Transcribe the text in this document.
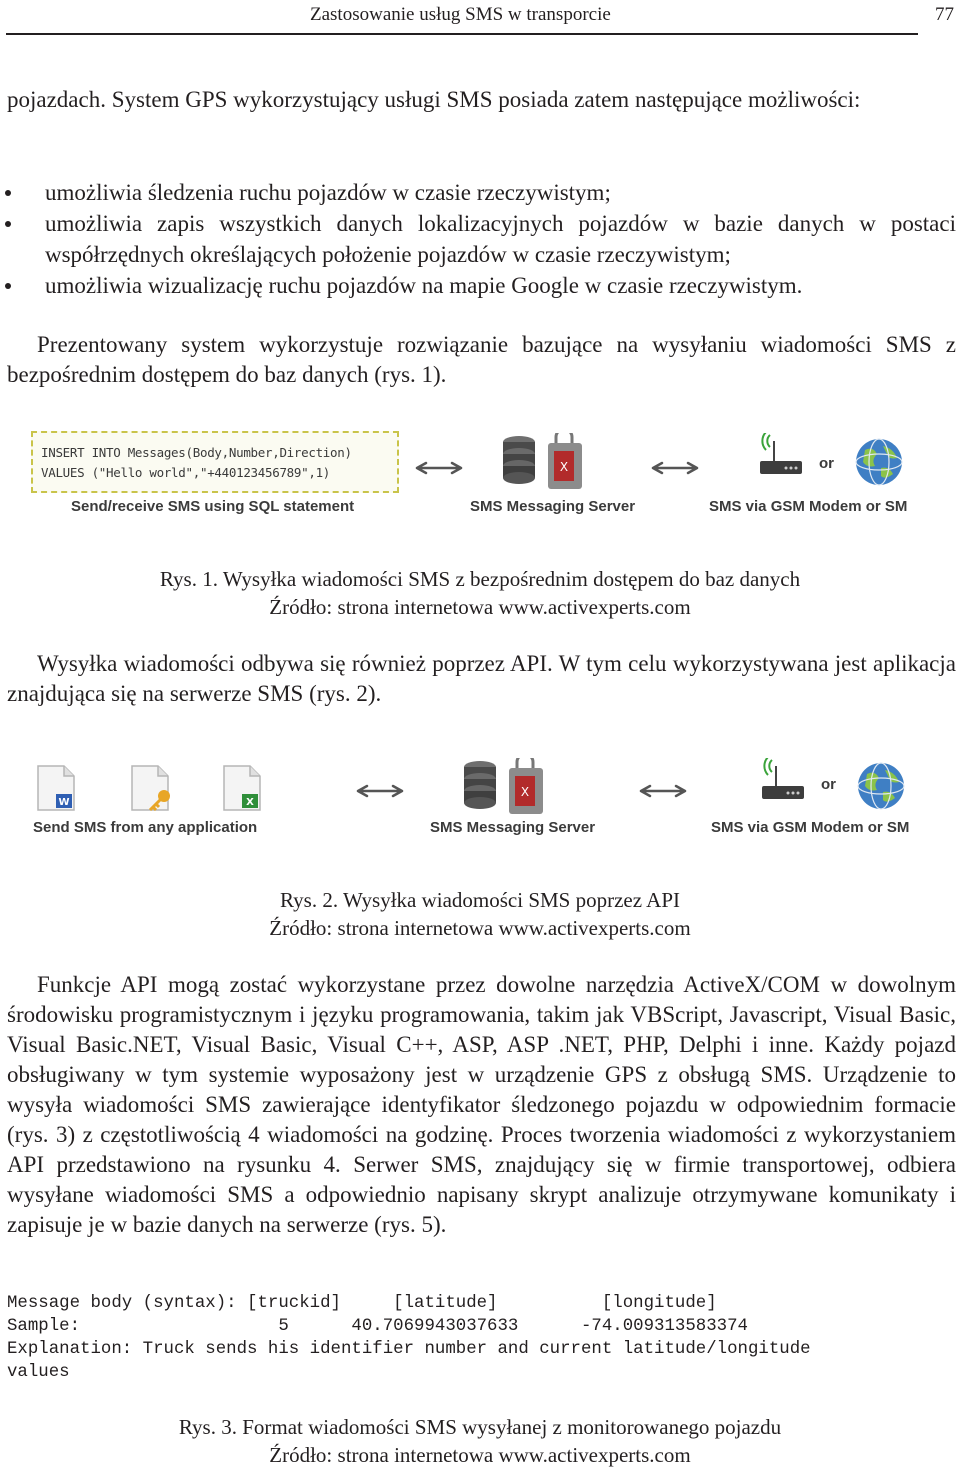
Zastosowanie usług SMS w transporcie	77

pojazdach. System GPS wykorzystujący usługi SMS posiada zatem następujące możliwości:

umożliwia śledzenia ruchu pojazdów w czasie rzeczywistym;
umożliwia zapis wszystkich danych lokalizacyjnych pojazdów w bazie danych w postaci współrzędnych określających położenie pojazdów w czasie rzeczywistym;
umożliwia wizualizację ruchu pojazdów na mapie Google w czasie rzeczywistym.

Prezentowany system wykorzystuje rozwiązanie bazujące na wysyłaniu wiadomości SMS z bezpośrednim dostępem do baz danych (rys. 1).

INSERT INTO Messages(Body,Number,Direction)
VALUES ("Hello world","+440123456789",1)
Send/receive SMS using SQL statement
X
SMS Messaging Server
or
SMS via GSM Modem or SM
Rys. 1. Wysyłka wiadomości SMS z bezpośrednim dostępem do baz danych
Źródło: strona internetowa www.activexperts.com

Wysyłka wiadomości odbywa się również poprzez API. W tym celu wykorzystywana jest aplikacja znajdująca się na serwerze SMS (rys. 2).

W	X
Send SMS from any application
X
SMS Messaging Server
or
SMS via GSM Modem or SM
Rys. 2. Wysyłka wiadomości SMS poprzez API
Źródło: strona internetowa www.activexperts.com

Funkcje API mogą zostać wykorzystane przez dowolne narzędzia ActiveX/COM w dowolnym środowisku programistycznym i języku programowania, takim jak VBScript, Javascript, Visual Basic, Visual Basic.NET, Visual Basic, Visual C++, ASP, ASP .NET, PHP, Delphi i inne. Każdy pojazd obsługiwany w tym systemie wyposażony jest w urządzenie GPS z obsługą SMS. Urządzenie to wysyła wiadomości SMS zawierające identyfikator śledzonego pojazdu w odpowiednim formacie (rys. 3) z częstotliwością 4 wiadomości na godzinę. Proces tworzenia wiadomości z wykorzystaniem API przedstawiono na rysunku 4. Serwer SMS, znajdujący się w firmie transportowej, odbiera wysyłane wiadomości SMS a odpowiednio napisany skrypt analizuje otrzymywane komunikaty i zapisuje je w bazie danych na serwerze (rys. 5).

Message body (syntax): [truckid]     [latitude]          [longitude]
Sample:                   5      40.7069943037633      -74.009313583374
Explanation: Truck sends his identifier number and current latitude/longitude
values
Rys. 3. Format wiadomości SMS wysyłanej z monitorowanego pojazdu
Źródło: strona internetowa www.activexperts.com
